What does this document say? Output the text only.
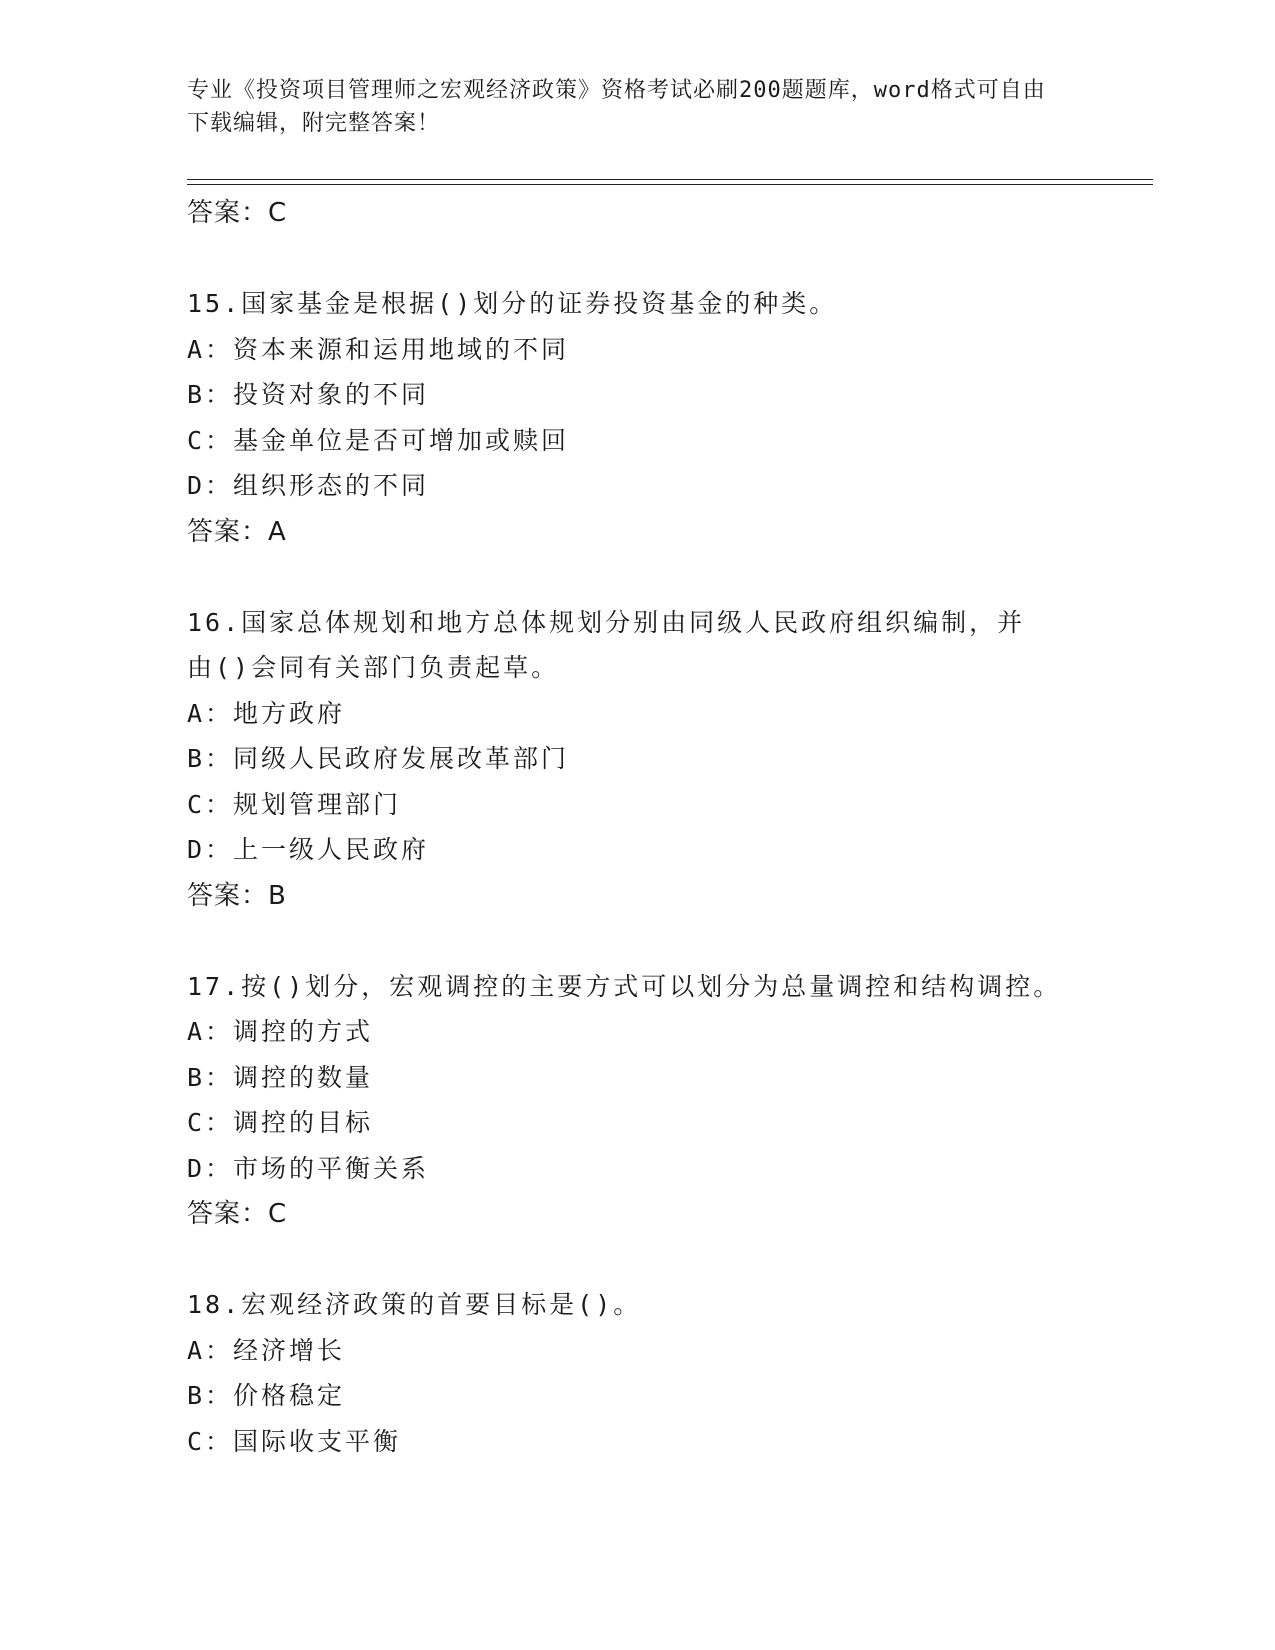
专业《投资项目管理师之宏观经济政策》资格考试必刷200题题库，word格式可自由下载编辑，附完整答案！
答案：C
15.国家基金是根据()划分的证券投资基金的种类。
A：资本来源和运用地域的不同
B：投资对象的不同
C：基金单位是否可增加或赎回
D：组织形态的不同
答案：A
16.国家总体规划和地方总体规划分别由同级人民政府组织编制，并由()会同有关部门负责起草。
A：地方政府
B：同级人民政府发展改革部门
C：规划管理部门
D：上一级人民政府
答案：B
17.按()划分，宏观调控的主要方式可以划分为总量调控和结构调控。
A：调控的方式
B：调控的数量
C：调控的目标
D：市场的平衡关系
答案：C
18.宏观经济政策的首要目标是()。
A：经济增长
B：价格稳定
C：国际收支平衡
